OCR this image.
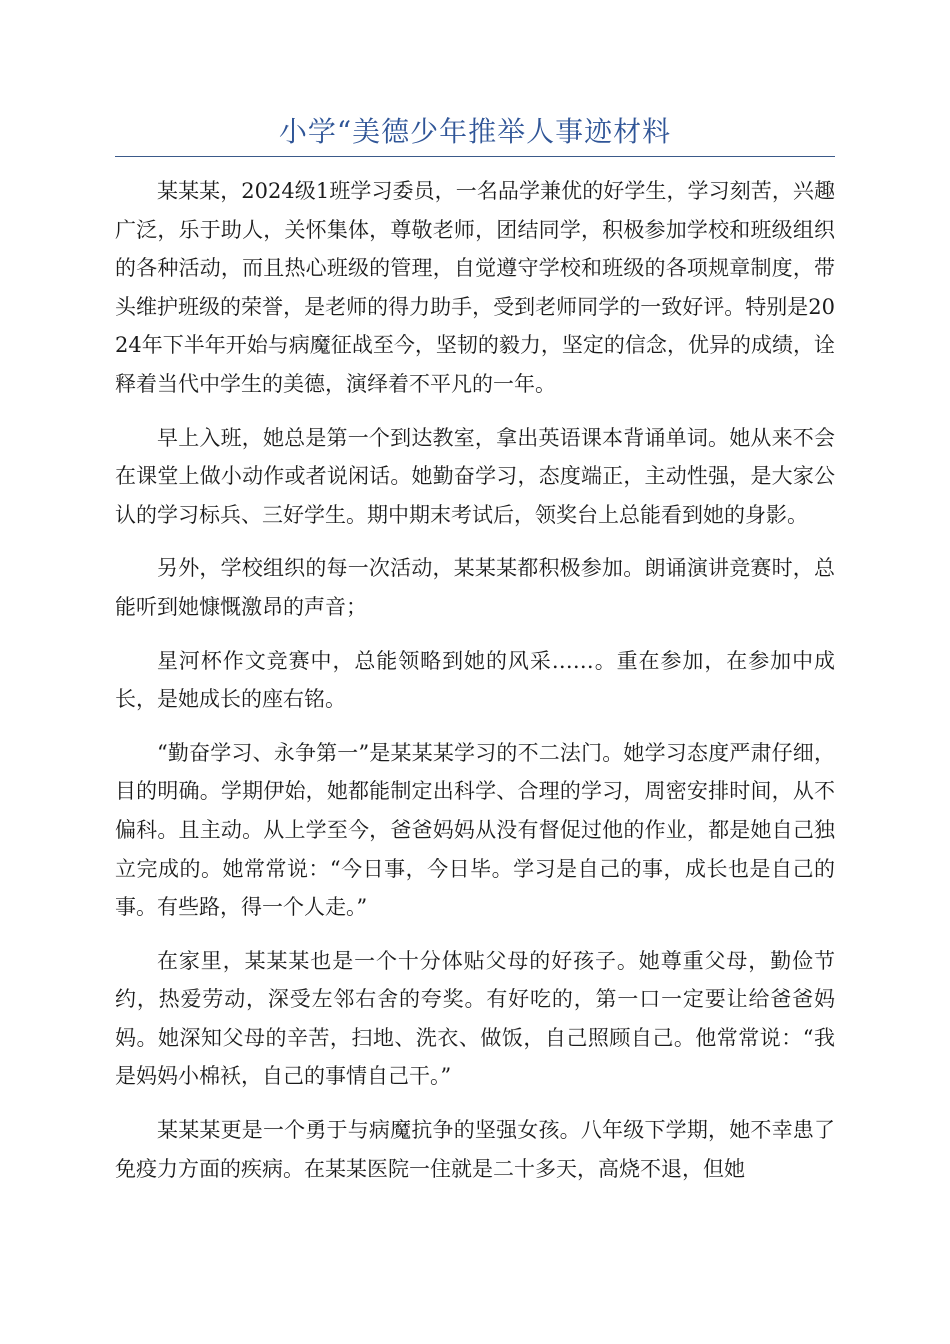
小学“美德少年推举人事迹材料

某某某，2024级1班学习委员，一名品学兼优的好学生，学习刻苦，兴趣广泛，乐于助人，关怀集体，尊敬老师，团结同学，积极参加学校和班级组织的各种活动，而且热心班级的管理，自觉遵守学校和班级的各项规章制度，带头维护班级的荣誉，是老师的得力助手，受到老师同学的一致好评。特别是2024年下半年开始与病魔征战至今，坚韧的毅力，坚定的信念，优异的成绩，诠释着当代中学生的美德，演绎着不平凡的一年。

早上入班，她总是第一个到达教室，拿出英语课本背诵单词。她从来不会在课堂上做小动作或者说闲话。她勤奋学习，态度端正，主动性强，是大家公认的学习标兵、三好学生。期中期末考试后，领奖台上总能看到她的身影。

另外，学校组织的每一次活动，某某某都积极参加。朗诵演讲竞赛时，总能听到她慷慨激昂的声音；

星河杯作文竞赛中，总能领略到她的风采……。重在参加，在参加中成长，是她成长的座右铭。

“勤奋学习、永争第一”是某某某学习的不二法门。她学习态度严肃仔细，目的明确。学期伊始，她都能制定出科学、合理的学习，周密安排时间，从不偏科。且主动。从上学至今，爸爸妈妈从没有督促过他的作业，都是她自己独立完成的。她常常说：“今日事，今日毕。学习是自己的事，成长也是自己的事。有些路，得一个人走。”

在家里，某某某也是一个十分体贴父母的好孩子。她尊重父母，勤俭节约，热爱劳动，深受左邻右舍的夸奖。有好吃的，第一口一定要让给爸爸妈妈。她深知父母的辛苦，扫地、洗衣、做饭，自己照顾自己。他常常说：“我是妈妈小棉袄，自己的事情自己干。”

某某某更是一个勇于与病魔抗争的坚强女孩。八年级下学期，她不幸患了免疫力方面的疾病。在某某医院一住就是二十多天，高烧不退，但她
